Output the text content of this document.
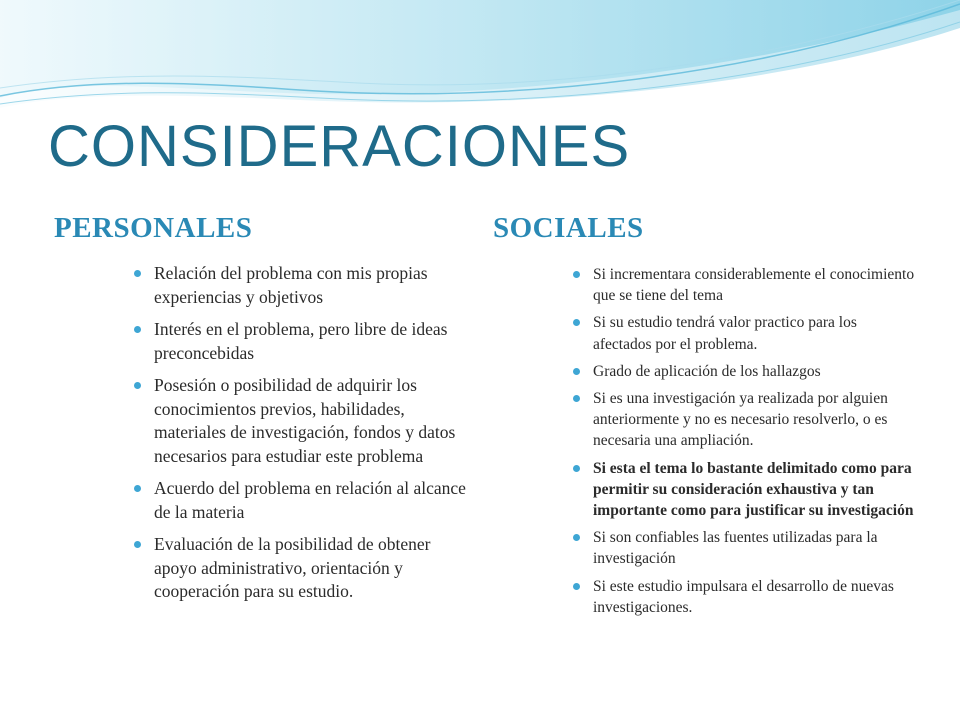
CONSIDERACIONES
PERSONALES	SOCIALES
Relación del problema con mis propias experiencias y objetivos
Interés en el problema, pero libre de ideas preconcebidas
Posesión o posibilidad de adquirir los conocimientos previos, habilidades, materiales de investigación, fondos y datos necesarios para estudiar este problema
Acuerdo del problema en relación al alcance de la materia
Evaluación de la posibilidad de obtener apoyo administrativo, orientación y cooperación para su estudio.
Si incrementara considerablemente el conocimiento que se tiene del tema
Si su estudio tendrá valor practico para los afectados por el problema.
Grado de aplicación de los hallazgos
Si es una investigación ya realizada por alguien anteriormente y no es necesario resolverlo, o es necesaria una ampliación.
Si esta el tema lo bastante delimitado como para permitir su consideración exhaustiva y tan importante como para justificar su investigación
Si son confiables las fuentes utilizadas para la investigación
Si este estudio impulsara el desarrollo de nuevas investigaciones.
